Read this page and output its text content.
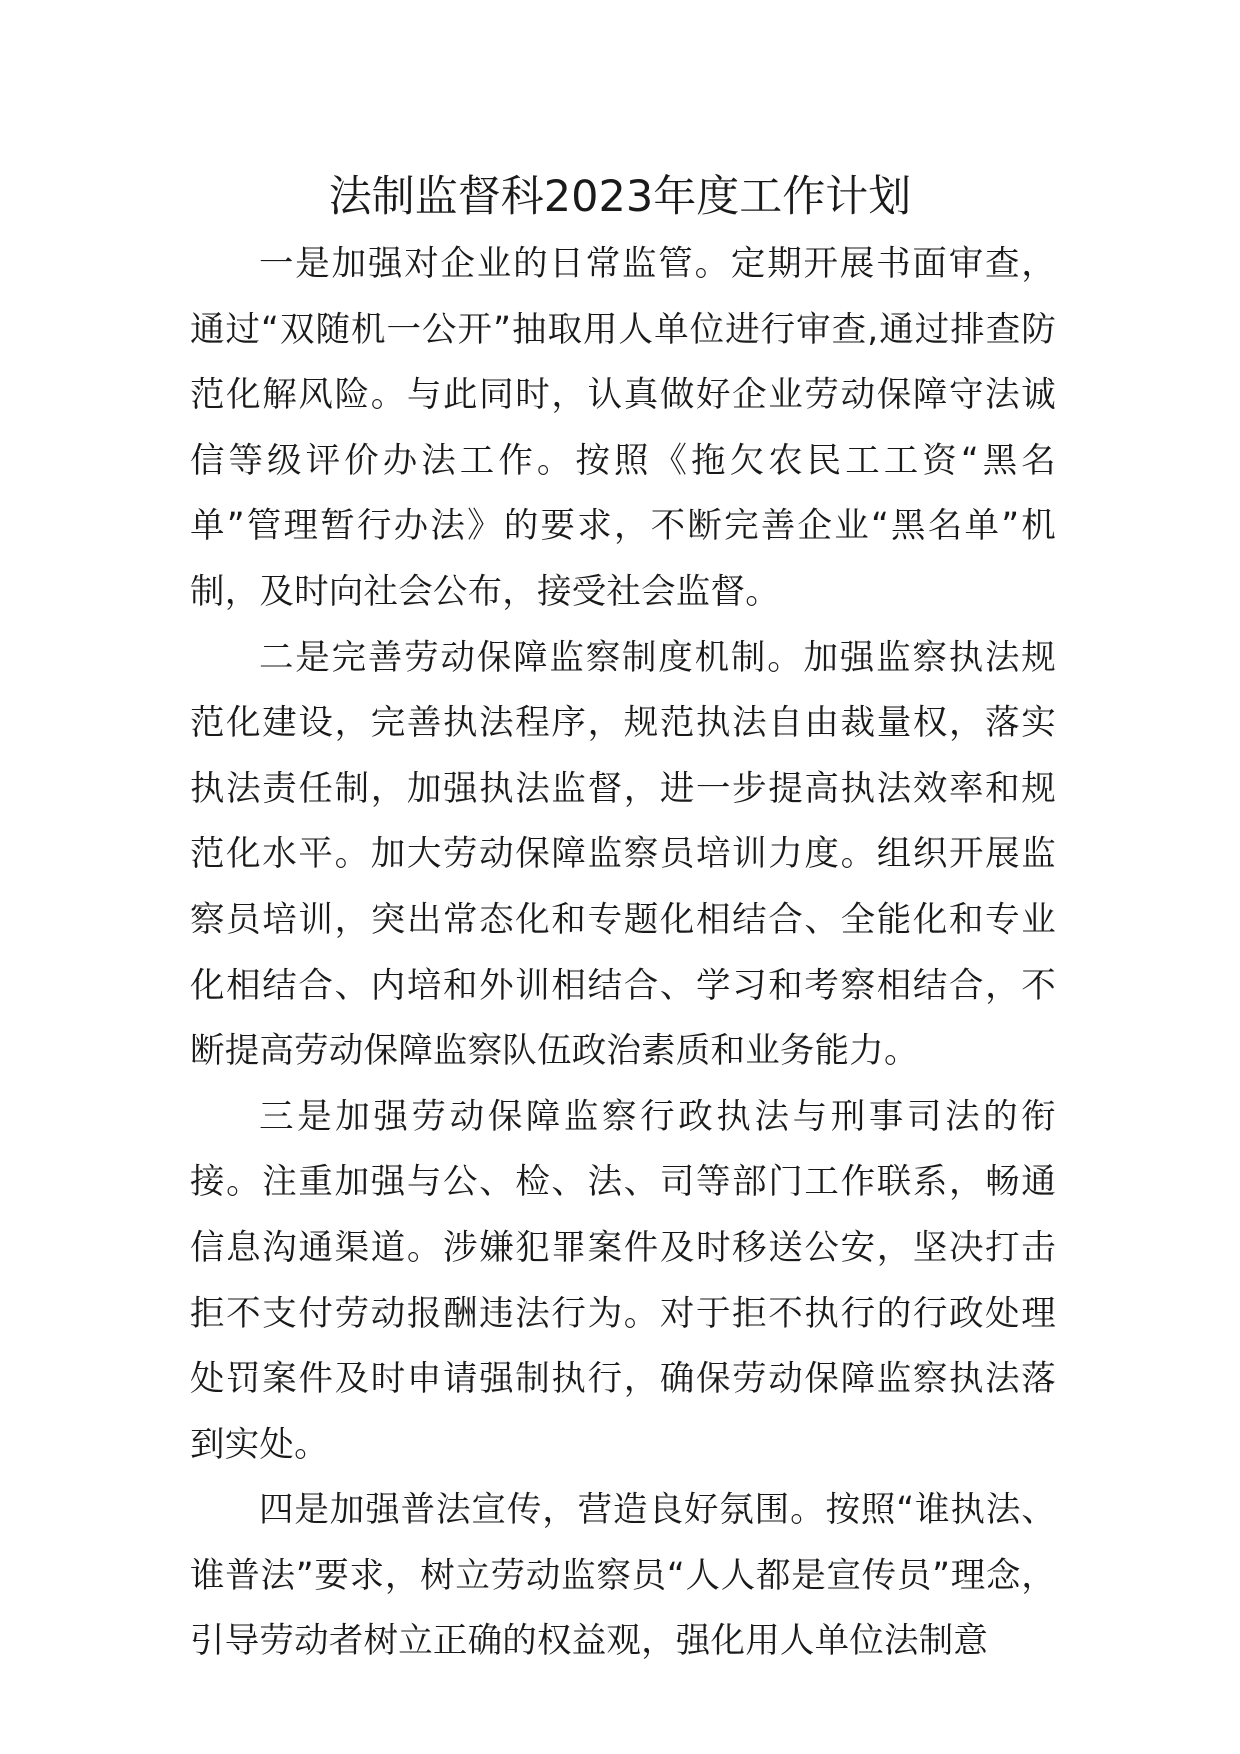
法制监督科2023年度工作计划

一是加强对企业的日常监管。定期开展书面审查，通过“双随机一公开”抽取用人单位进行审查,通过排查防范化解风险。与此同时，认真做好企业劳动保障守法诚信等级评价办法工作。按照《拖欠农民工工资“黑名单”管理暂行办法》的要求，不断完善企业“黑名单”机制，及时向社会公布，接受社会监督。

二是完善劳动保障监察制度机制。加强监察执法规范化建设，完善执法程序，规范执法自由裁量权，落实执法责任制，加强执法监督，进一步提高执法效率和规范化水平。加大劳动保障监察员培训力度。组织开展监察员培训，突出常态化和专题化相结合、全能化和专业化相结合、内培和外训相结合、学习和考察相结合，不断提高劳动保障监察队伍政治素质和业务能力。

三是加强劳动保障监察行政执法与刑事司法的衔接。注重加强与公、检、法、司等部门工作联系，畅通信息沟通渠道。涉嫌犯罪案件及时移送公安，坚决打击拒不支付劳动报酬违法行为。对于拒不执行的行政处理处罚案件及时申请强制执行，确保劳动保障监察执法落到实处。

四是加强普法宣传，营造良好氛围。按照“谁执法、谁普法”要求，树立劳动监察员“人人都是宣传员”理念，引导劳动者树立正确的权益观，强化用人单位法制意
